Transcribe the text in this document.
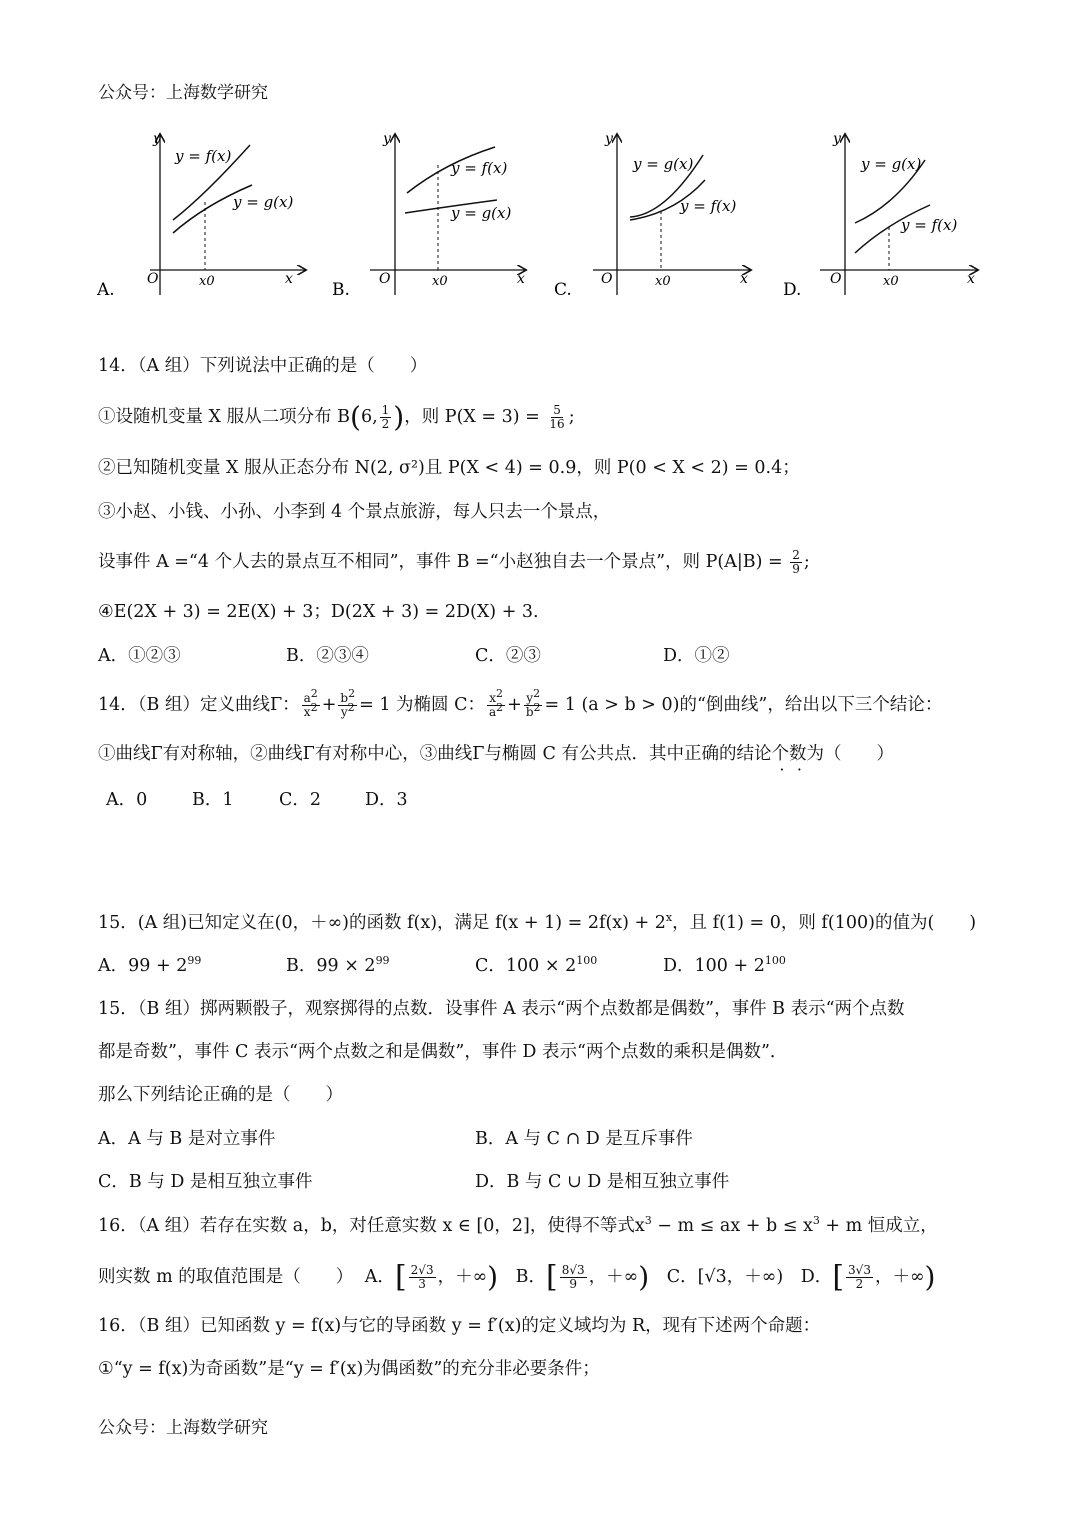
公众号：上海数学研究
y
x
O	x0
y = f(x)
y = g(x)
A.
y
x
O	x0
y = f(x)
y = g(x)
B.
y
x
O	x0
y = g(x)
y = f(x)
C.
y
x
O	x0
y = g(x)
y = f(x)
D.
14．（A 组）下列说法中正确的是（　　）
①设随机变量 X 服从二项分布 B(6, $\frac{1}{2}$ )，则 $P(X = 3) = \frac{5}{16}$ ;
②已知随机变量 X 服从正态分布 N(2, σ²)且 P(X < 4) = 0.9，则 P(0 < X < 2) = 0.4；
③小赵、小钱、小孙、小李到 4 个景点旅游，每人只去一个景点，
设事件 A =“4 个人去的景点互不相同”，事件 B =“小赵独自去一个景点”，则 $P(A|B) = \frac{2}{9}$ ;
④E(2X + 3) = 2E(X) + 3；D(2X + 3) = 2D(X) + 3.
A．①②③	B．②③④	C．②③	D．①②
14．（B 组）定义曲线Γ： $\frac{a^2}{x^2} + \frac{b^2}{y^2} = 1$ 为椭圆 C： $\frac{x^2}{a^2} + \frac{y^2}{b^2} = 1$ (a > b > 0)的“倒曲线”，给出以下三个结论：
①曲线Γ有对称轴，②曲线Γ有对称中心，③曲线Γ与椭圆 C 有公共点．其中正确的结论个数为（　　）
A．0	B．1	C．2	D．3
15．(A 组)已知定义在(0，＋∞)的函数 f(x)，满足 $f(x + 1) = 2f(x) + 2^x$，且 f(1) = 0，则 f(100)的值为(　　)
A．$99 + 2^{99}$	B．$99 \times 2^{99}$	C．$100 \times 2^{100}$	D．$100 + 2^{100}$
15．（B 组）掷两颗骰子，观察掷得的点数．设事件 A 表示“两个点数都是偶数”，事件 B 表示“两个点数
都是奇数”，事件 C 表示“两个点数之和是偶数”，事件 D 表示“两个点数的乘积是偶数”．
那么下列结论正确的是（　　）
A．A 与 B 是对立事件	B．A 与 C ∩ D 是互斥事件
C．B 与 D 是相互独立事件	D．B 与 C ∪ D 是相互独立事件
16．（A 组）若存在实数 a，b，对任意实数 x ∈ [0，2]，使得不等式$x^3 - m$ ≤ ax + $b \le x^3 + m$ 恒成立，
则实数 m 的取值范围是（　　） A．[ $\frac{2√3}{3}$ ，＋∞) B．[ $\frac{8√3}{9}$ ，＋∞) C．[√3，＋∞) D．[ $\frac{3√3}{2}$ ，＋∞)
16．（B 组）已知函数 y = f(x)与它的导函数 y = f′(x)的定义域均为 R，现有下述两个命题：
①“y = f(x)为奇函数”是“y = f′(x)为偶函数”的充分非必要条件；
公众号：上海数学研究
